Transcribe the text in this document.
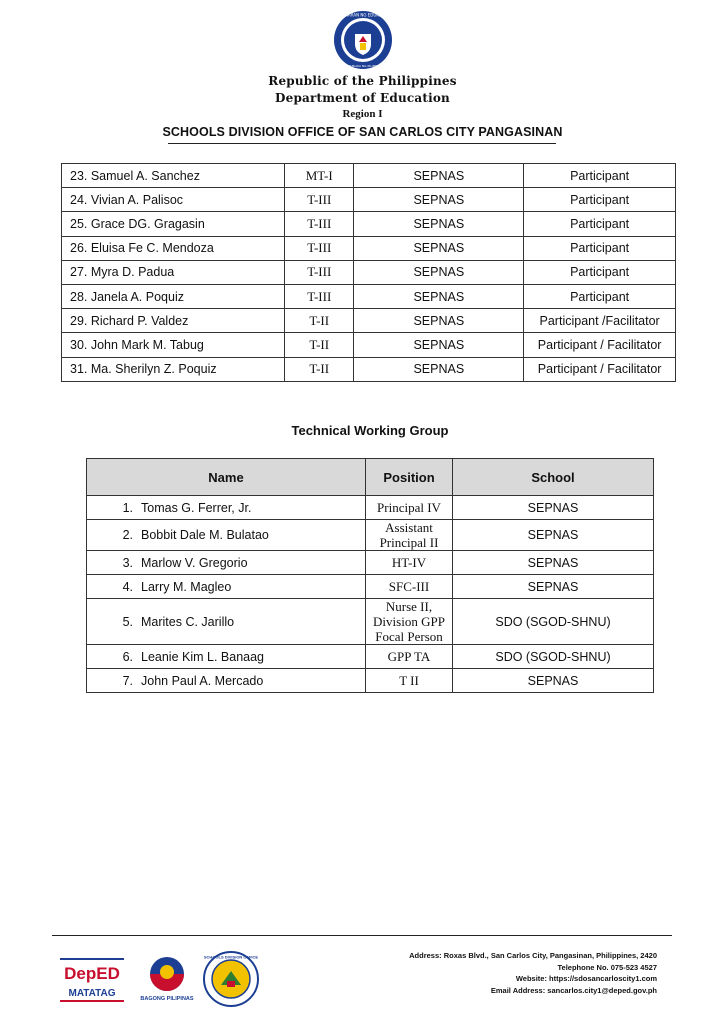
KAGAWARAN NG EDUKASYON
REPUBLIKA NG PILIPINAS
Republic of the Philippines
Department of Education
Region I
SCHOOLS DIVISION OFFICE OF SAN CARLOS CITY PANGASINAN
23. Samuel A. Sanchez	MT-I	SEPNAS	Participant
24. Vivian A. Palisoc	T-III	SEPNAS	Participant
25. Grace DG. Gragasin	T-III	SEPNAS	Participant
26. Eluisa Fe C. Mendoza	T-III	SEPNAS	Participant
27. Myra D. Padua	T-III	SEPNAS	Participant
28. Janela A. Poquiz	T-III	SEPNAS	Participant
29. Richard P. Valdez	T-II	SEPNAS	Participant /Facilitator
30. John Mark M. Tabug	T-II	SEPNAS	Participant / Facilitator
31. Ma. Sherilyn Z. Poquiz	T-II	SEPNAS	Participant / Facilitator
Technical Working Group
Name	Position	School
1. Tomas G. Ferrer, Jr.	Principal IV	SEPNAS
2. Bobbit Dale M. Bulatao	Assistant Principal II	SEPNAS
3. Marlow V. Gregorio	HT-IV	SEPNAS
4. Larry M. Magleo	SFC-III	SEPNAS
5. Marites C. Jarillo	Nurse II, Division GPP Focal Person	SDO (SGOD-SHNU)
6. Leanie Kim L. Banaag	GPP TA	SDO (SGOD-SHNU)
7. John Paul A. Mercado	T II	SEPNAS
DepED
MATATAG	BAGONG PILIPINAS
SCHOOLS DIVISION OFFICE	Address: Roxas Blvd., San Carlos City, Pangasinan, Philippines, 2420
Telephone No. 075-523 4527
Website: https://sdosancarloscity1.com
Email Address: sancarlos.city1@deped.gov.ph
